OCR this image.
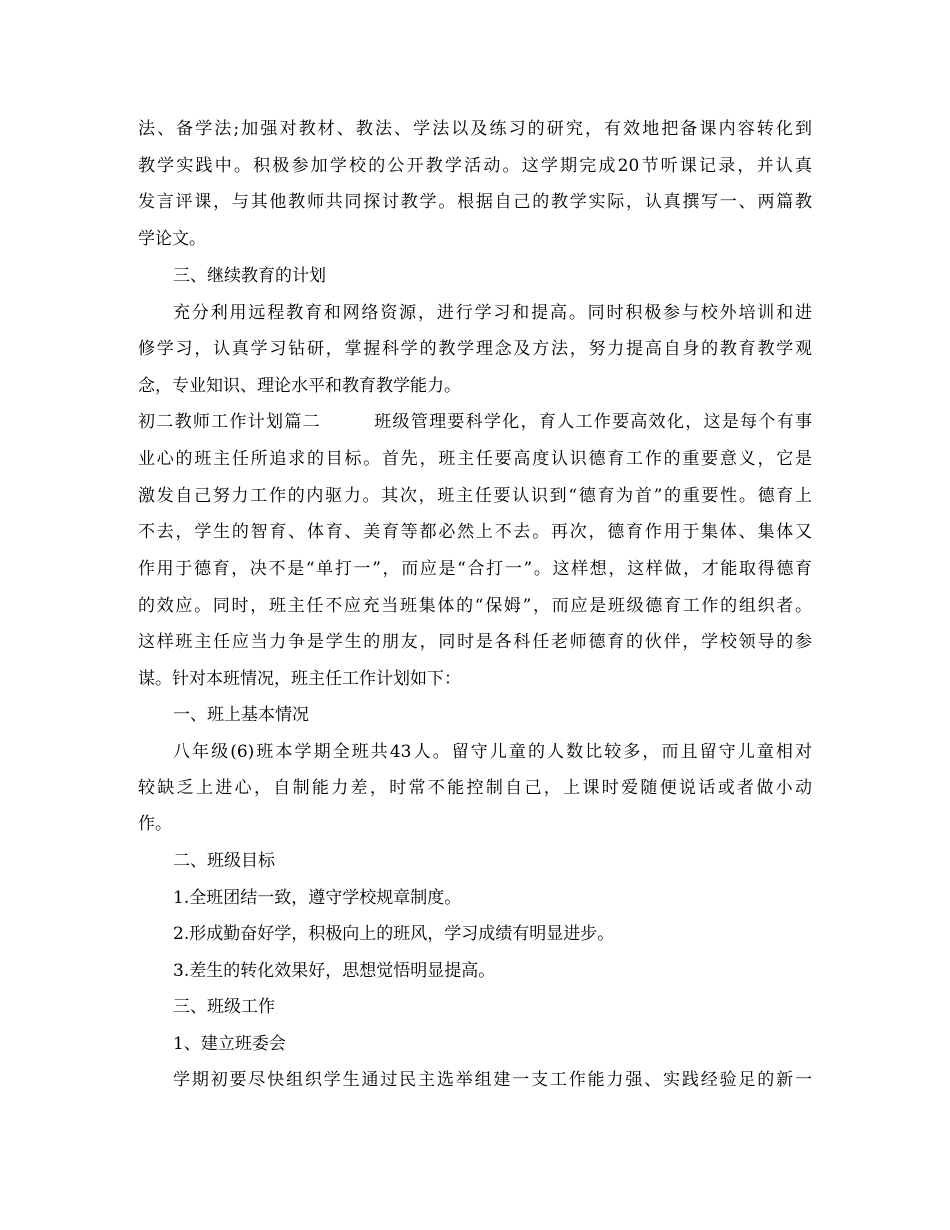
法、备学法;加强对教材、教法、学法以及练习的研究，有效地把备课内容转化到
教学实践中。积极参加学校的公开教学活动。这学期完成20节听课记录，并认真
发言评课，与其他教师共同探讨教学。根据自己的教学实际，认真撰写一、两篇教
学论文。
三、继续教育的计划
充分利用远程教育和网络资源，进行学习和提高。同时积极参与校外培训和进
修学习，认真学习钻研，掌握科学的教学理念及方法，努力提高自身的教育教学观
念，专业知识、理论水平和教育教学能力。
初二教师工作计划篇二	班级管理要科学化，育人工作要高效化，这是每个有事
业心的班主任所追求的目标。首先，班主任要高度认识德育工作的重要意义，它是
激发自己努力工作的内驱力。其次，班主任要认识到“德育为首”的重要性。德育上
不去，学生的智育、体育、美育等都必然上不去。再次，德育作用于集体、集体又
作用于德育，决不是“单打一”，而应是“合打一”。这样想，这样做，才能取得德育
的效应。同时，班主任不应充当班集体的“保姆”，而应是班级德育工作的组织者。
这样班主任应当力争是学生的朋友，同时是各科任老师德育的伙伴，学校领导的参
谋。针对本班情况，班主任工作计划如下：
一、班上基本情况
八年级(6)班本学期全班共43人。留守儿童的人数比较多，而且留守儿童相对
较缺乏上进心，自制能力差，时常不能控制自己，上课时爱随便说话或者做小动
作。
二、班级目标
1.全班团结一致，遵守学校规章制度。
2.形成勤奋好学，积极向上的班风，学习成绩有明显进步。
3.差生的转化效果好，思想觉悟明显提高。
三、班级工作
1、建立班委会
学期初要尽快组织学生通过民主选举组建一支工作能力强、实践经验足的新一
